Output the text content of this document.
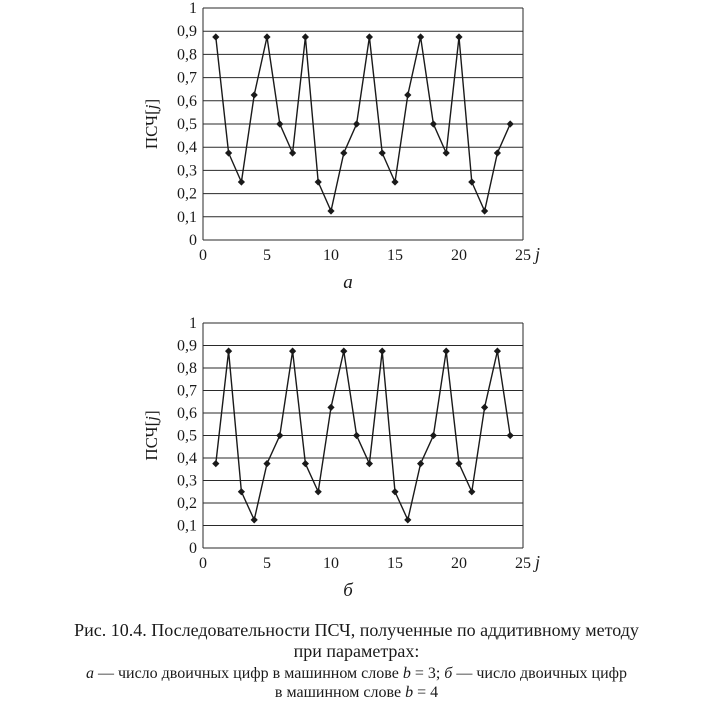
0
0,1
0,2
0,3
0,4
0,5
0,6
0,7
0,8
0,9
1
0	5	10	15	20	25 j
ПСЧ[j]
а
0
0,1
0,2
0,3
0,4
0,5
0,6
0,7
0,8
0,9
1
0	5	10	15	20	25 j
ПСЧ[j]
б
Рис. 10.4. Последовательности ПСЧ, полученные по аддитивному методу
при параметрах:
а — число двоичных цифр в машинном слове b = 3; б — число двоичных цифр
в машинном слове b = 4
